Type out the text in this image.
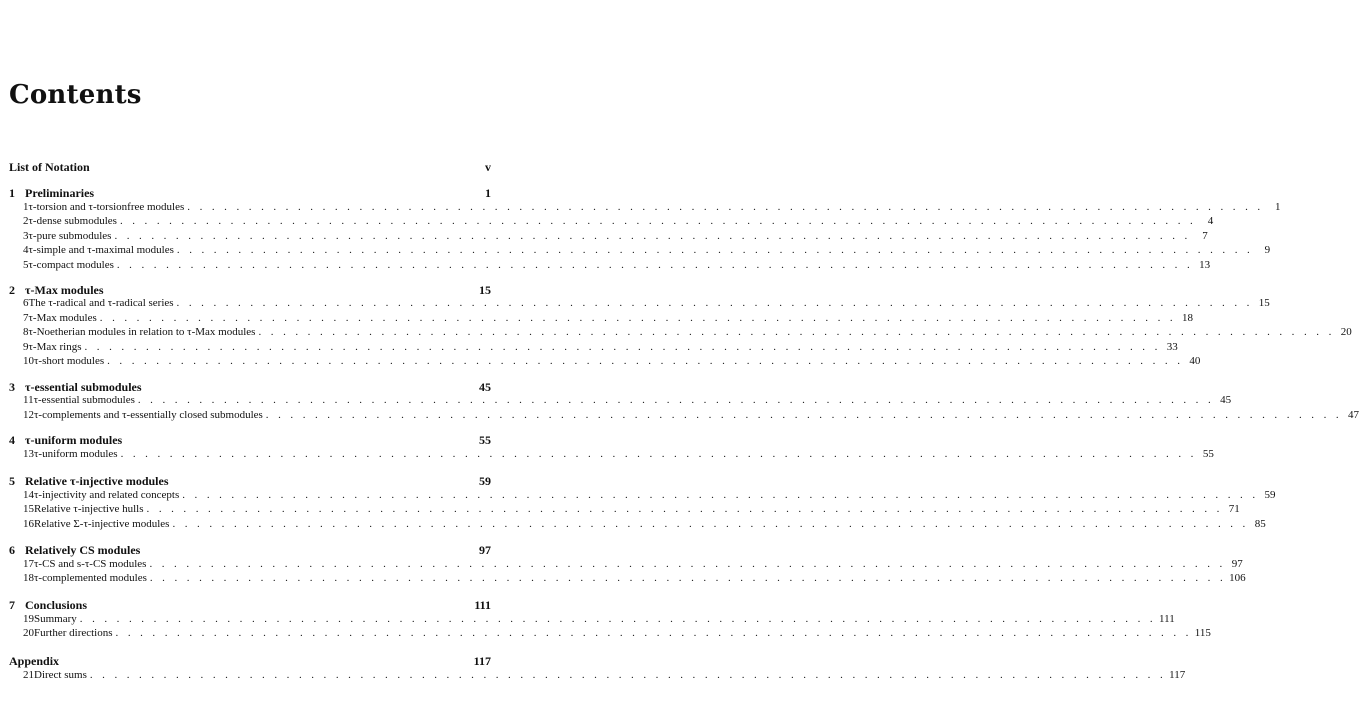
Contents
List of Notation	v
1 Preliminaries	1
1 τ-torsion and τ-torsionfree modules . . .	1
2 τ-dense submodules . . .	4
3 τ-pure submodules . . .	7
4 τ-simple and τ-maximal modules . . .	9
5 τ-compact modules . . .	13
2 τ-Max modules	15
6 The τ-radical and τ-radical series . . .	15
7 τ-Max modules . . .	18
8 τ-Noetherian modules in relation to τ-Max modules . . .	20
9 τ-Max rings . . .	33
10 τ-short modules . . .	40
3 τ-essential submodules	45
11 τ-essential submodules . . .	45
12 τ-complements and τ-essentially closed submodules . . .	47
4 τ-uniform modules	55
13 τ-uniform modules . . .	55
5 Relative τ-injective modules	59
14 τ-injectivity and related concepts . . .	59
15 Relative τ-injective hulls . . .	71
16 Relative Σ-τ-injective modules . . .	85
6 Relatively CS modules	97
17 τ-CS and s-τ-CS modules . . .	97
18 τ-complemented modules . . .	106
7 Conclusions	111
19 Summary . . .	111
20 Further directions . . .	115
Appendix	117
21 Direct sums . . .	117
